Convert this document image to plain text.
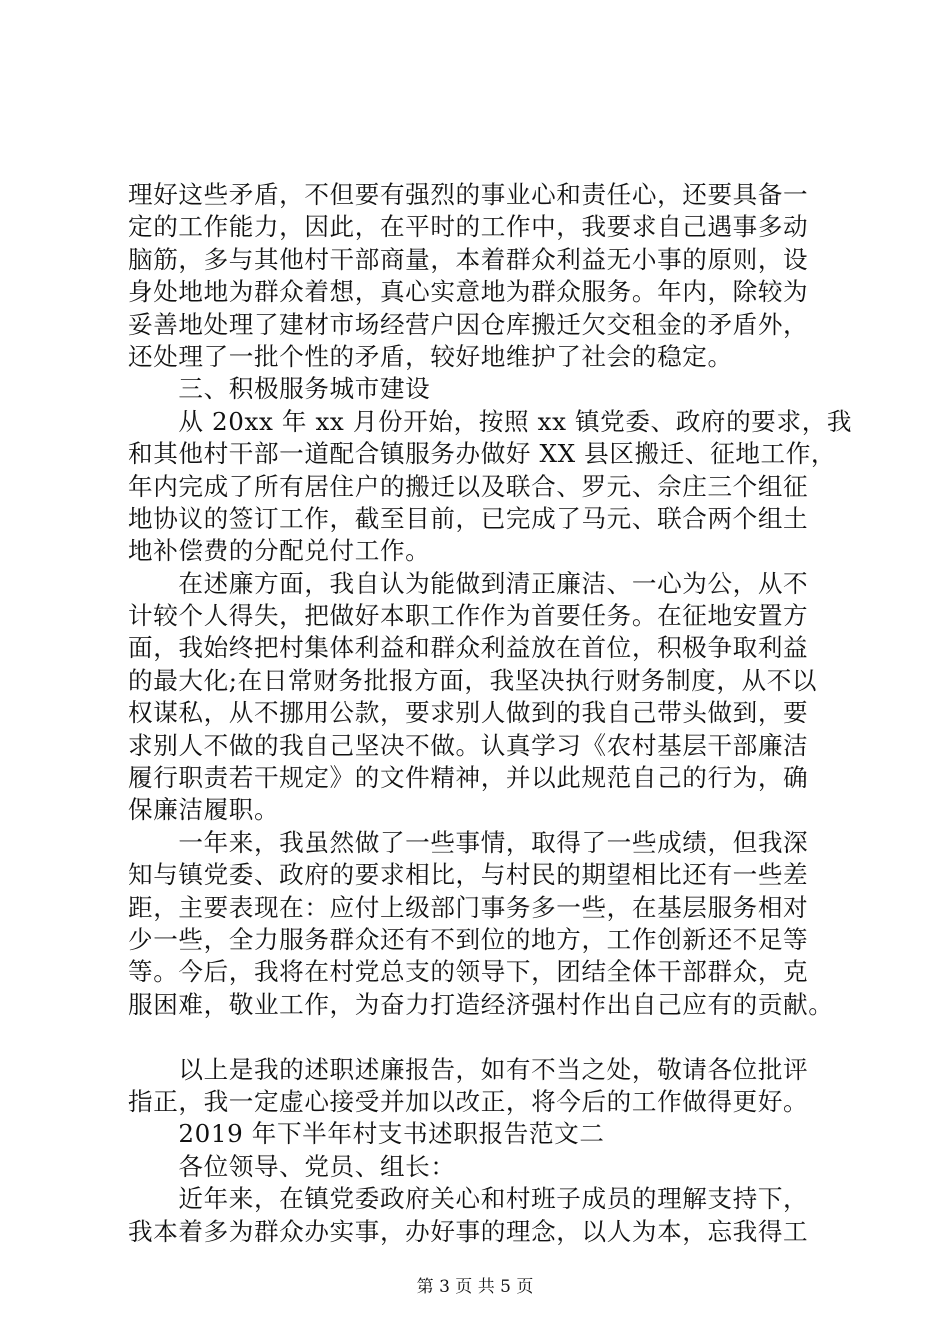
理好这些矛盾，不但要有强烈的事业心和责任心，还要具备一
定的工作能力，因此，在平时的工作中，我要求自己遇事多动
脑筋，多与其他村干部商量，本着群众利益无小事的原则，设
身处地地为群众着想，真心实意地为群众服务。年内，除较为
妥善地处理了建材市场经营户因仓库搬迁欠交租金的矛盾外，
还处理了一批个性的矛盾，较好地维护了社会的稳定。
　　三、积极服务城市建设
　　从 20xx 年 xx 月份开始，按照 xx 镇党委、政府的要求，我
和其他村干部一道配合镇服务办做好 XX 县区搬迁、征地工作，
年内完成了所有居住户的搬迁以及联合、罗元、佘庄三个组征
地协议的签订工作，截至目前，已完成了马元、联合两个组土
地补偿费的分配兑付工作。
　　在述廉方面，我自认为能做到清正廉洁、一心为公，从不
计较个人得失，把做好本职工作作为首要任务。在征地安置方
面，我始终把村集体利益和群众利益放在首位，积极争取利益
的最大化;在日常财务批报方面，我坚决执行财务制度，从不以
权谋私，从不挪用公款，要求别人做到的我自己带头做到，要
求别人不做的我自己坚决不做。认真学习《农村基层干部廉洁
履行职责若干规定》的文件精神，并以此规范自己的行为，确
保廉洁履职。
　　一年来，我虽然做了一些事情，取得了一些成绩，但我深
知与镇党委、政府的要求相比，与村民的期望相比还有一些差
距，主要表现在：应付上级部门事务多一些，在基层服务相对
少一些，全力服务群众还有不到位的地方，工作创新还不足等
等。今后，我将在村党总支的领导下，团结全体干部群众，克
服困难，敬业工作，为奋力打造经济强村作出自己应有的贡献。
　　以上是我的述职述廉报告，如有不当之处，敬请各位批评
指正，我一定虚心接受并加以改正，将今后的工作做得更好。
　　2019 年下半年村支书述职报告范文二
　　各位领导、党员、组长：
　　近年来，在镇党委政府关心和村班子成员的理解支持下，
我本着多为群众办实事，办好事的理念，以人为本，忘我得工
第 3 页 共 5 页
